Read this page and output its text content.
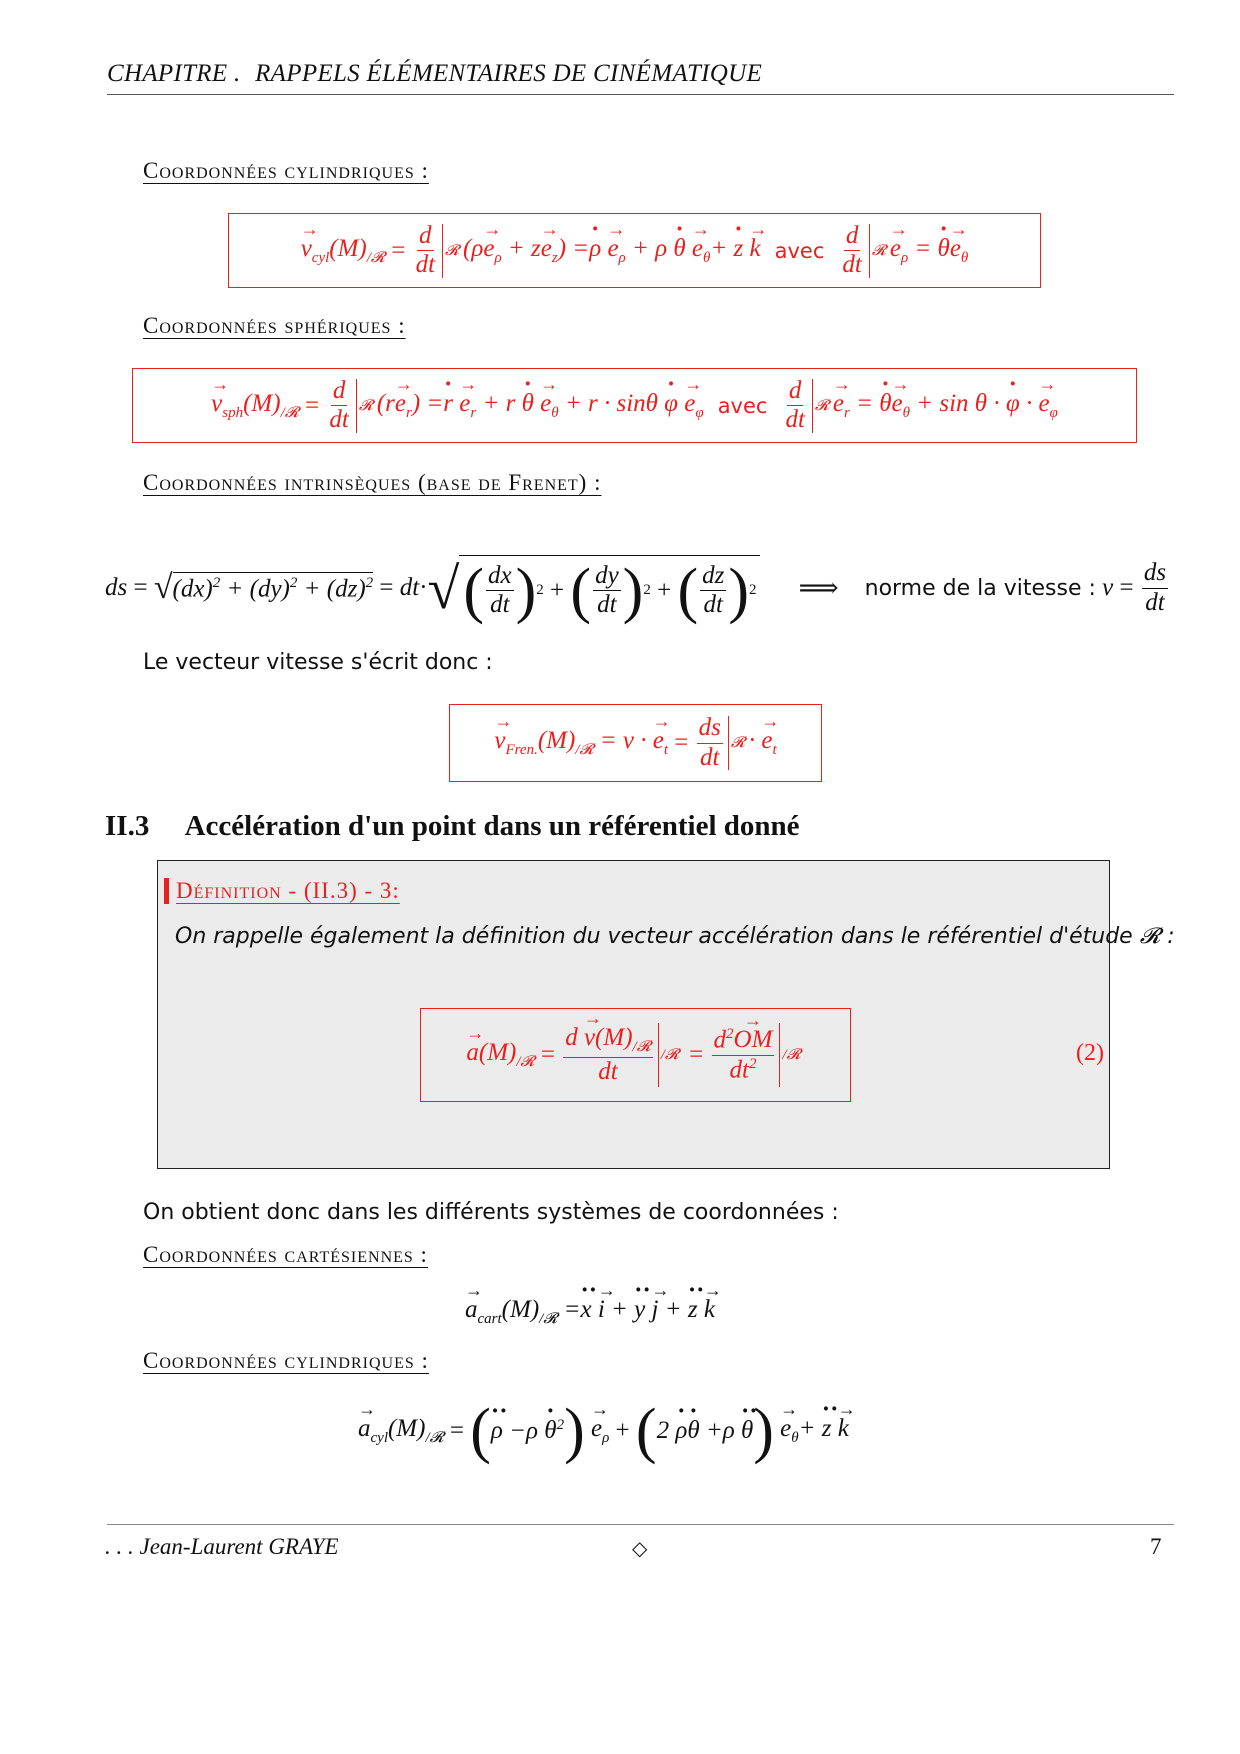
CHAPITRE . RAPPELS ÉLÉMENTAIRES DE CINÉMATIQUE
Coordonnées cylindriques :
→ $v_{cyl}(M)_{/𝓡} = \frac{d}{dt}$ 𝓡 $(\rho\to e_\rho + z\to e_z) =\cdot \rho \to e_\rho + \rho \cdot \theta \to e_\theta+ \cdot z \to k$ avec $\frac{d}{dt}$ 𝓡 → $e_\rho$ = · $\theta\to e_\theta$
Coordonnées sphériques :
→ $v_{sph}(M)_{/𝓡} = \frac{d}{dt}$ 𝓡 $(r\to e_r) =\cdot r \to e_r + r \cdot \theta \to e_\theta + r \cdot \sin\theta \cdot \varphi \to e_\varphi$ avec $\frac{d}{dt}$ 𝓡 → $e_r$ = · $\theta\to e_\theta + \sin \theta$ · · φ · → $e_\varphi$
Coordonnées intrinsèques (base de Frenet) :
ds = √ (dx)$^2$ + (dy)$^2$ + (dz)$^2$ = dt · √ ( $\frac{dx}{dt}$ ) 2 + ( $\frac{dy}{dt}$ ) 2 + ( $\frac{dz}{dt}$ ) 2 ⟹ norme de la vitesse : $v = \frac{ds}{dt}$
Le vecteur vitesse s'écrit donc :
→ $v_{Fren.}(M)_{/𝓡} = v$ · → $e_t = \frac{ds}{dt}$ 𝓡 · → $e_t$
II.3 Accélération d'un point dans un référentiel donné
Définition - (II.3) - 3:
On rappelle également la définition du vecteur accélération dans le référentiel d'étude 𝓡 :
→ $a(M)_{/𝓡} = \frac{d \to v(M)_{/𝓡}}{dt}$ /𝓡 = $\frac{d^2\to OM}{dt^2}$ /𝓡	(2)
On obtient donc dans les différents systèmes de coordonnées :
Coordonnées cartésiennes :
→ $a_{cart}(M)_{/𝓡}$ =·· x → i + ·· y → j + ·· z → k
Coordonnées cylindriques :
→ $a_{cyl}(M)_{/𝓡}$ = ( ·· $\rho -\rho \cdot \theta^2$ ) → $e_\rho$ + ( 2 · ρ· θ +ρ ·· θ ) → $e_\theta+ \cdot\cdot z \to k$
. . . Jean-Laurent GRAYE	◇	7
